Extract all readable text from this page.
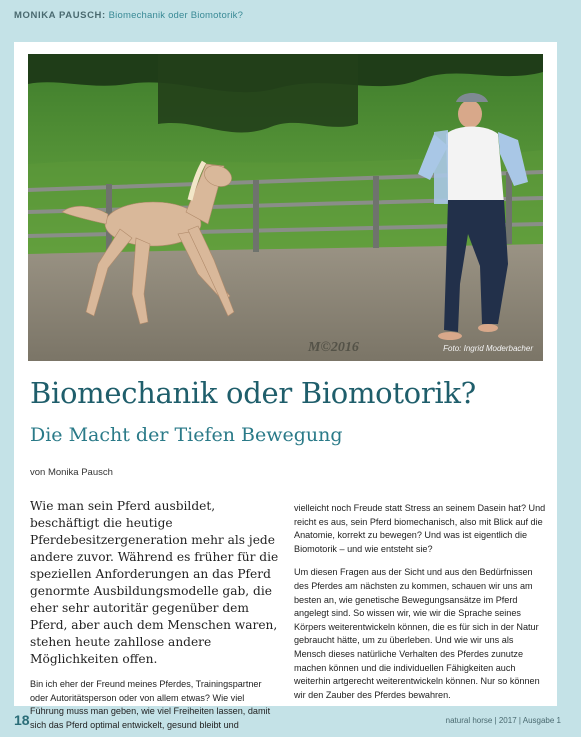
MONIKA PAUSCH: Biomechanik oder Biomotorik?
M©2016	Foto: Ingrid Moderbacher
Biomechanik oder Biomotorik?
Die Macht der Tiefen Bewegung
von Monika Pausch

Wie man sein Pferd ausbildet, beschäftigt die heutige Pferdebesitzergeneration mehr als jede andere zuvor. Während es früher für die speziellen Anforderungen an das Pferd genormte Ausbildungsmodelle gab, die eher sehr autoritär gegenüber dem Pferd, aber auch dem Menschen waren, stehen heute zahllose andere Möglichkeiten offen.

Bin ich eher der Freund meines Pferdes, Trainingspartner oder Autoritätsperson oder von allem etwas? Wie viel Führung muss man geben, wie viel Freiheiten lassen, damit sich das Pferd optimal entwickelt, gesund bleibt und

vielleicht noch Freude statt Stress an seinem Dasein hat? Und reicht es aus, sein Pferd biomechanisch, also mit Blick auf die Anatomie, korrekt zu bewegen? Und was ist eigentlich die Biomotorik – und wie entsteht sie?

Um diesen Fragen aus der Sicht und aus den Bedürfnissen des Pferdes am nächsten zu kommen, schauen wir uns am besten an, wie genetische Bewegungsansätze im Pferd angelegt sind. So wissen wir, wie wir die Sprache seines Körpers weiterentwickeln können, die es für sich in der Natur gebraucht hätte, um zu überleben. Und wie wir uns als Mensch dieses natürliche Verhalten des Pferdes zunutze machen können und die individuellen Fähigkeiten auch weiterhin artgerecht weiterentwickeln können. Nur so können wir den Zauber des Pferdes bewahren.

18	natural horse | 2017 | Ausgabe 1
